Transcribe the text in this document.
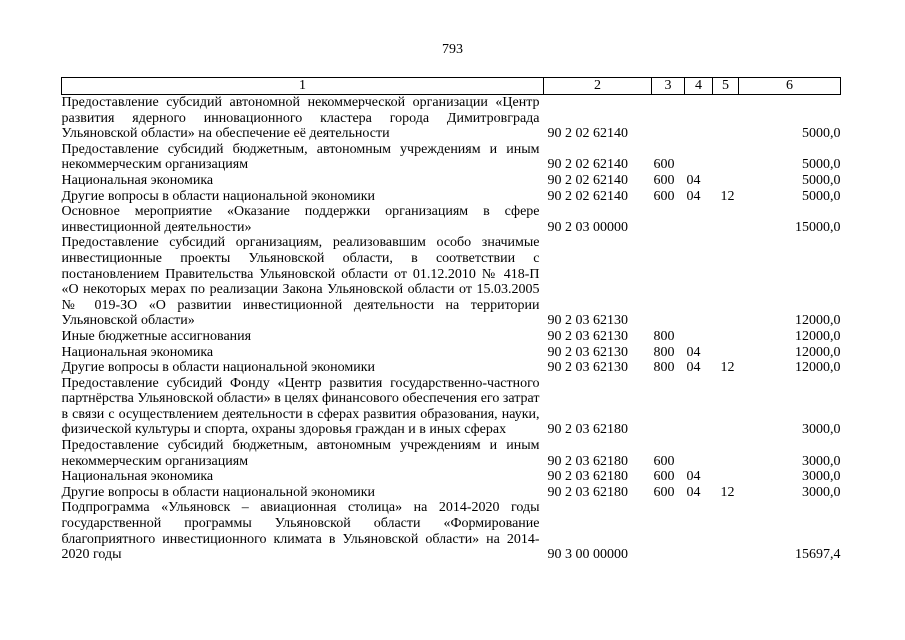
793
1	2	3	4	5	6
Предоставление субсидий автономной некоммерческой организации «Центр развития ядерного инновационного кластера города Димитровграда Ульяновской области» на обеспечение её деятельности	90 2 02 62140				5000,0
Предоставление субсидий бюджетным, автономным учреждениям и иным некоммерческим организациям	90 2 02 62140	600			5000,0
Национальная экономика	90 2 02 62140	600	04		5000,0
Другие вопросы в области национальной экономики	90 2 02 62140	600	04	12	5000,0
Основное мероприятие «Оказание поддержки организациям в сфере инвестиционной деятельности»	90 2 03 00000				15000,0
Предоставление субсидий организациям, реализовавшим особо значимые инвестиционные проекты Ульяновской области, в соответствии с постановлением Правительства Ульяновской области от 01.12.2010 № 418-П «О некоторых мерах по реализации Закона Ульяновской области от 15.03.2005 № 019-ЗО «О развитии инвестиционной деятельности на территории Ульяновской области»	90 2 03 62130				12000,0
Иные бюджетные ассигнования	90 2 03 62130	800			12000,0
Национальная экономика	90 2 03 62130	800	04		12000,0
Другие вопросы в области национальной экономики	90 2 03 62130	800	04	12	12000,0
Предоставление субсидий Фонду «Центр развития государственно-частного партнёрства Ульяновской области» в целях финансового обеспечения его затрат в связи с осуществлением деятельности в сферах развития образования, науки, физической культуры и спорта, охраны здоровья граждан и в иных сферах	90 2 03 62180				3000,0
Предоставление субсидий бюджетным, автономным учреждениям и иным некоммерческим организациям	90 2 03 62180	600			3000,0
Национальная экономика	90 2 03 62180	600	04		3000,0
Другие вопросы в области национальной экономики	90 2 03 62180	600	04	12	3000,0
Подпрограмма «Ульяновск – авиационная столица» на 2014-2020 годы государственной программы Ульяновской области «Формирование благоприятного инвестиционного климата в Ульяновской области» на 2014-2020 годы	90 3 00 00000				15697,4
